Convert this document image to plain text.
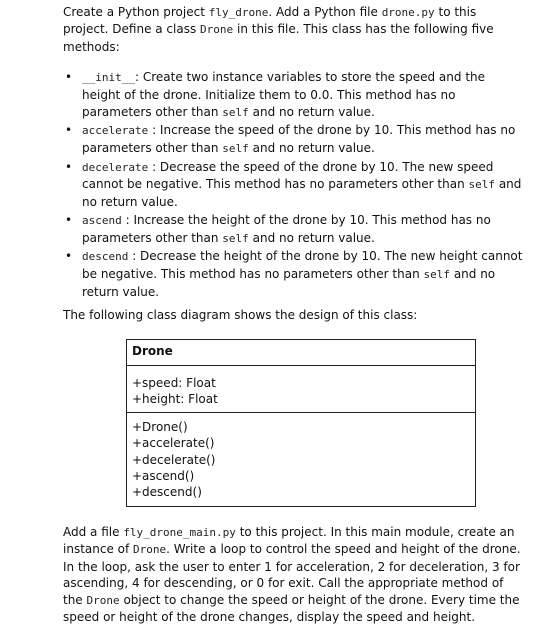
Create a Python project fly_drone. Add a Python file drone.py to this project. Define a class Drone in this file. This class has the following five methods:
• __init__: Create two instance variables to store the speed and the height of the drone. Initialize them to 0.0. This method has no parameters other than self and no return value.
• accelerate : Increase the speed of the drone by 10. This method has no parameters other than self and no return value.
• decelerate : Decrease the speed of the drone by 10. The new speed cannot be negative. This method has no parameters other than self and no return value.
• ascend : Increase the height of the drone by 10. This method has no parameters other than self and no return value.
• descend : Decrease the height of the drone by 10. The new height cannot be negative. This method has no parameters other than self and no return value.
The following class diagram shows the design of this class:
Drone
+speed: Float
+height: Float
+Drone()
+accelerate()
+decelerate()
+ascend()
+descend()
Add a file fly_drone_main.py to this project. In this main module, create an instance of Drone. Write a loop to control the speed and height of the drone. In the loop, ask the user to enter 1 for acceleration, 2 for deceleration, 3 for ascending, 4 for descending, or 0 for exit. Call the appropriate method of the Drone object to change the speed or height of the drone. Every time the speed or height of the drone changes, display the speed and height.
